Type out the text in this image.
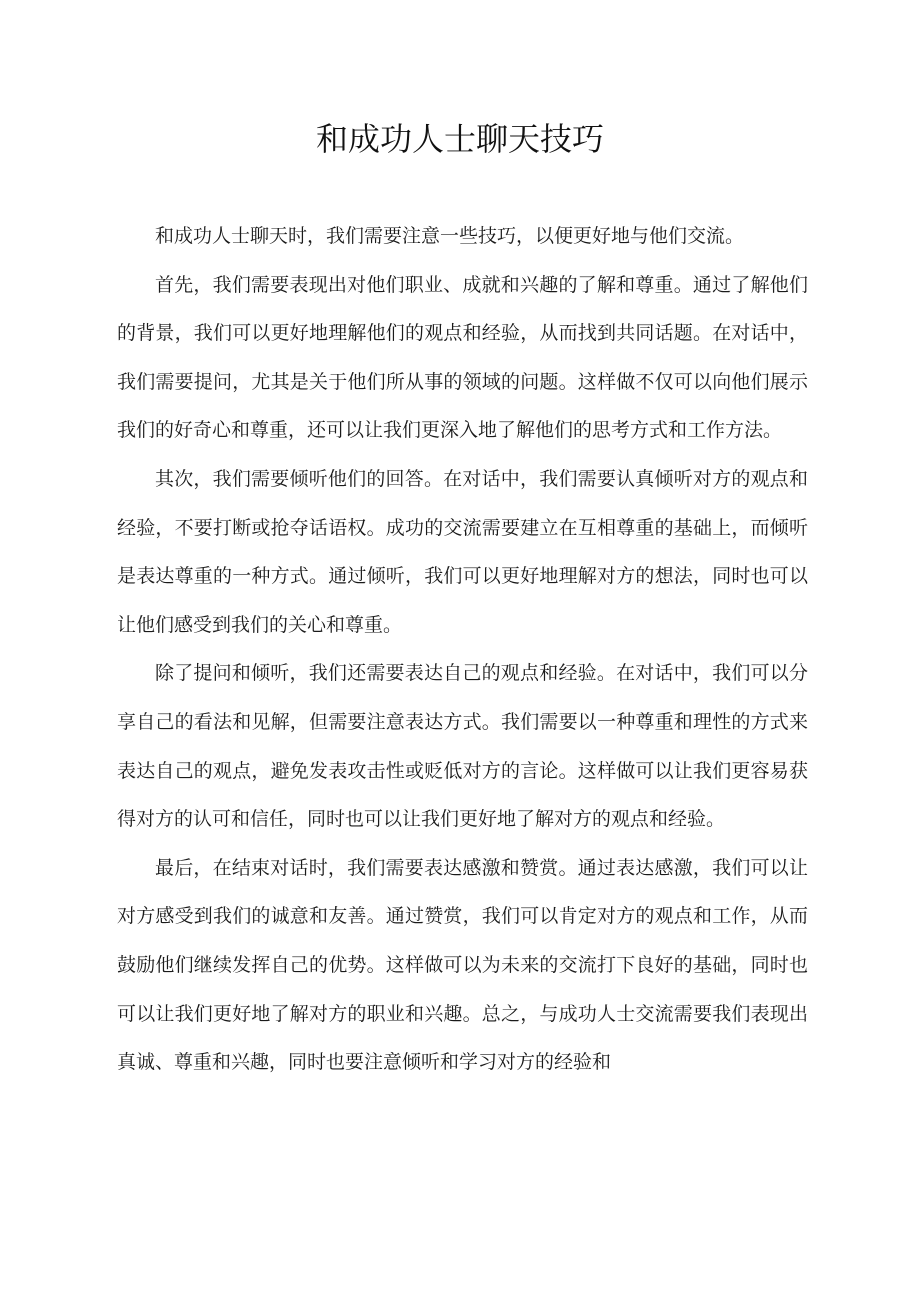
和成功人士聊天技巧

和成功人士聊天时，我们需要注意一些技巧，以便更好地与他们交流。

首先，我们需要表现出对他们职业、成就和兴趣的了解和尊重。通过了解他们的背景，我们可以更好地理解他们的观点和经验，从而找到共同话题。在对话中，我们需要提问，尤其是关于他们所从事的领域的问题。这样做不仅可以向他们展示我们的好奇心和尊重，还可以让我们更深入地了解他们的思考方式和工作方法。

其次，我们需要倾听他们的回答。在对话中，我们需要认真倾听对方的观点和经验，不要打断或抢夺话语权。成功的交流需要建立在互相尊重的基础上，而倾听是表达尊重的一种方式。通过倾听，我们可以更好地理解对方的想法，同时也可以让他们感受到我们的关心和尊重。

除了提问和倾听，我们还需要表达自己的观点和经验。在对话中，我们可以分享自己的看法和见解，但需要注意表达方式。我们需要以一种尊重和理性的方式来表达自己的观点，避免发表攻击性或贬低对方的言论。这样做可以让我们更容易获得对方的认可和信任，同时也可以让我们更好地了解对方的观点和经验。

最后，在结束对话时，我们需要表达感激和赞赏。通过表达感激，我们可以让对方感受到我们的诚意和友善。通过赞赏，我们可以肯定对方的观点和工作，从而鼓励他们继续发挥自己的优势。这样做可以为未来的交流打下良好的基础，同时也可以让我们更好地了解对方的职业和兴趣。总之，与成功人士交流需要我们表现出真诚、尊重和兴趣，同时也要注意倾听和学习对方的经验和
